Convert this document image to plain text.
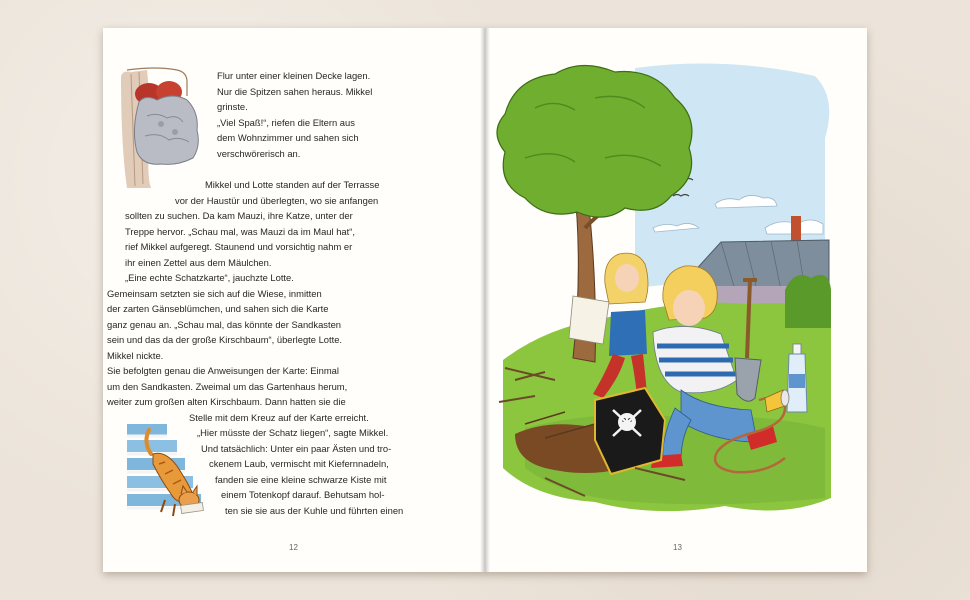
Flur unter einer kleinen Decke lagen.
Nur die Spitzen sahen heraus. Mikkel
grinste.
„Viel Spaß!“, riefen die Eltern aus
dem Wohnzimmer und sahen sich
verschwörerisch an.
Mikkel und Lotte standen auf der Terrasse
vor der Haustür und überlegten, wo sie anfangen
sollten zu suchen. Da kam Mauzi, ihre Katze, unter der
Treppe hervor. „Schau mal, was Mauzi da im Maul hat“,
rief Mikkel aufgeregt. Staunend und vorsichtig nahm er
ihr einen Zettel aus dem Mäulchen.
„Eine echte Schatzkarte“, jauchzte Lotte.
Gemeinsam setzten sie sich auf die Wiese, inmitten
der zarten Gänseblümchen, und sahen sich die Karte
ganz genau an. „Schau mal, das könnte der Sandkasten
sein und das da der große Kirschbaum“, überlegte Lotte.
Mikkel nickte.
Sie befolgten genau die Anweisungen der Karte: Einmal
um den Sandkasten. Zweimal um das Gartenhaus herum,
weiter zum großen alten Kirschbaum. Dann hatten sie die
Stelle mit dem Kreuz auf der Karte erreicht.
„Hier müsste der Schatz liegen“, sagte Mikkel.
Und tatsächlich: Unter ein paar Ästen und tro-
ckenem Laub, vermischt mit Kiefernnadeln,
fanden sie eine kleine schwarze Kiste mit
einem Totenkopf darauf. Behutsam hol-
ten sie sie aus der Kuhle und führten einen
12	13
